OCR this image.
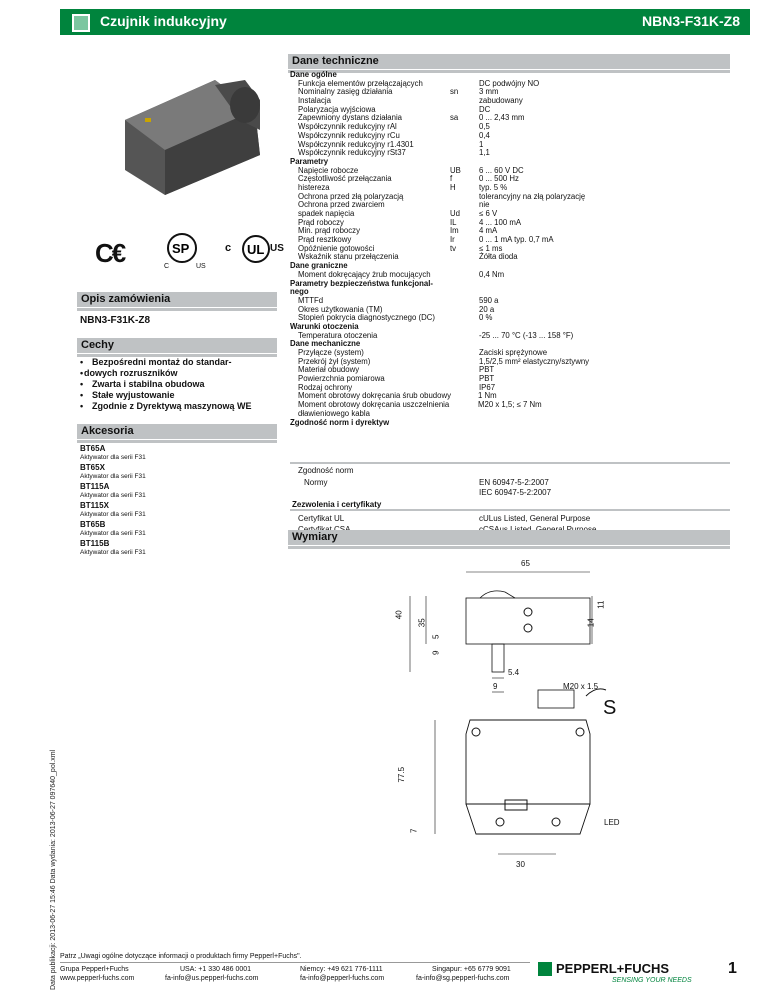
Czujnik indukcyjny	NBN3-F31K-Z8
Data publikacji: 2013-06-27 15:46 Data wydania: 2013-06-27 097640_pol.xml
C€	SP
C	US
UL
c	US
Opis zamówienia
NBN3-F31K-Z8
Cechy
• Bezpośredni montaż do standar-
• dowych rozruszników
• Zwarta i stabilna obudowa
• Stałe wyjustowanie
• Zgodnie z Dyrektywą maszynową WE
Akcesoria
BT65A
Aktywator dla serii F31
BT65X
Aktywator dla serii F31
BT115A
Aktywator dla serii F31
BT115X
Aktywator dla serii F31
BT65B
Aktywator dla serii F31
BT115B
Aktywator dla serii F31
Dane techniczne
Dane ogólne
Funkcja elementów przełączających	DC podwójny NO
Nominalny zasięg działania	sn	3 mm
Instalacja	zabudowany
Polaryzacja wyjściowa	DC
Zapewniony dystans działania	sa	0 ... 2,43 mm
Współczynnik redukcyjny rAl	0,5
Współczynnik redukcyjny rCu	0,4
Współczynnik redukcyjny r1.4301	1
Współczynnik redukcyjny rSt37	1,1
Parametry
Napięcie robocze	UB 6 ... 60 V DC
Częstotliwość przełączania	f	0 ... 500 Hz
histereza	H	typ. 5 %
Ochrona przed złą polaryzacją	tolerancyjny na złą polaryzację
Ochrona przed zwarciem	nie
spadek napięcia	Ud ≤ 6 V
Prąd roboczy	IL	4 ... 100 mA
Min. prąd roboczy	Im	4 mA
Prąd resztkowy	Ir	0 ... 1 mA typ. 0,7 mA
Opóźnienie gotowości	tv	≤ 1 ms
Wskaźnik stanu przełączenia	Żółta dioda
Dane graniczne
Moment dokręcający żrub mocujących	0,4 Nm
Parametry bezpieczeństwa funkcjonal-
nego
MTTFd	590 a
Okres użytkowania (TM)	20 a
Stopień pokrycia diagnostycznego (DC)	0 %
Warunki otoczenia
Temperatura otoczenia	-25 ... 70 °C (-13 ... 158 °F)
Dane mechaniczne
Przyłącze (system)	Zaciski sprężynowe
Przekrój żył (system)	1,5/2,5 mm² elastyczny/sztywny
Materiał obudowy	PBT
Powierzchnia pomiarowa	PBT
Rodzaj ochrony	IP67
Moment obrotowy dokręcania śrub obudowy	1 Nm
Moment obrotowy dokręcania uszczelnienia	M20 x 1,5; ≤ 7 Nm
dławieniowego kabla
Zgodność norm i dyrektyw
Zgodność norm
Normy	EN 60947-5-2:2007
IEC 60947-5-2:2007
Zezwolenia i certyfikaty
Certyfikat UL	cULus Listed, General Purpose
Wymiary
65
40
35
5
9
14
11
5.4
9	M20 x 1.5
S
77.5
7
LED
30
Patrz „Uwagi ogólne dotyczące informacji o produktach firmy Pepperl+Fuchs".
Grupa Pepperl+Fuchs
www.pepperl-fuchs.com
USA: +1 330 486 0001
fa-info@us.pepperl-fuchs.com
Niemcy: +49 621 776-1111
fa-info@pepperl-fuchs.com
Singapur: +65 6779 9091
fa-info@sg.pepperl-fuchs.com
PEPPERL+FUCHS
SENSING YOUR NEEDS
1
